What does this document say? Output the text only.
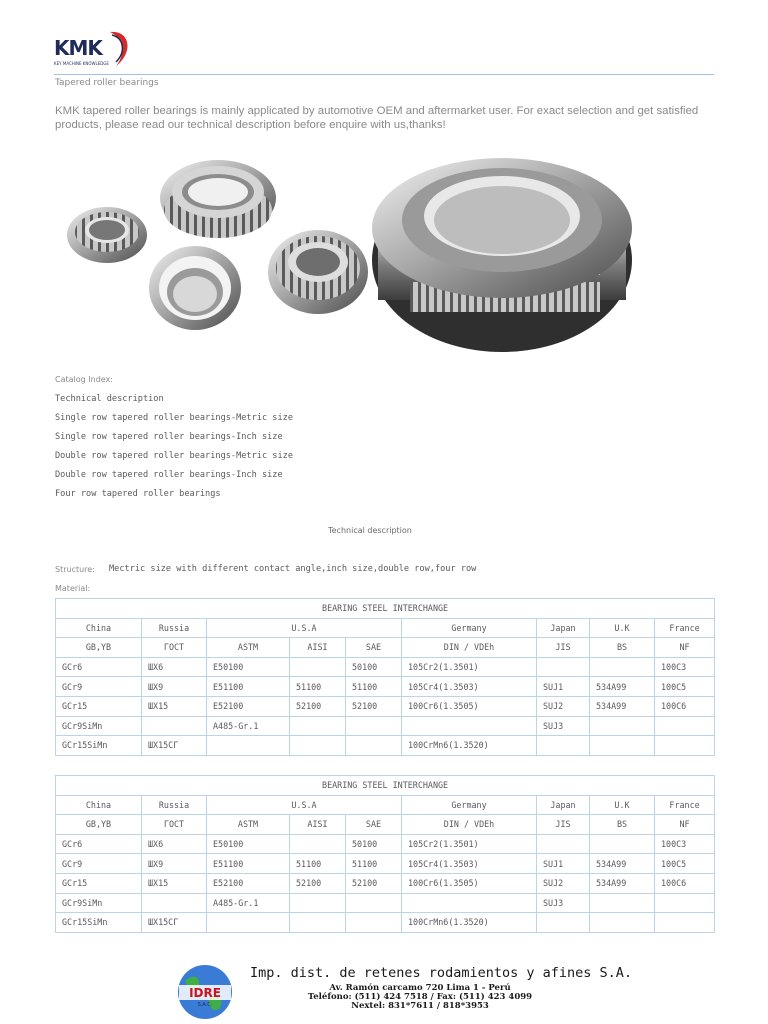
KMK
KEY MACHINE KNOWLEDGE
Tapered roller bearings

KMK tapered roller bearings is mainly applicated by automotive OEM and aftermarket user. For exact selection and get satisfied products, please read our technical description before enquire with us,thanks!

Catalog Index:
Technical description
Single row tapered roller bearings-Metric size
Single row tapered roller bearings-Inch size
Double row tapered roller bearings-Metric size
Double row tapered roller bearings-Inch size
Four row tapered roller bearings
Technical description
Structure: Mectric size with different contact angle,inch size,double row,four row
Material:
BEARING STEEL INTERCHANGE								
China	Russia	U.S.A			Germany	Japan	U.K	France
GB,YB	ГОСТ	ASTM	AISI	SAE	DIN / VDEh	JIS	BS	NF
GCr6	ШХ6	E50100		50100	105Cr2(1.3501)			100C3
GCr9	ШХ9	E51100	51100	51100	105Cr4(1.3503)	SUJ1	534A99	100C5
GCr15	ШХ15	E52100	52100	52100	100Cr6(1.3505)	SUJ2	534A99	100C6
GCr9SiMn		A485-Gr.1				SUJ3		
GCr15SiMn	ШХ15СГ				100CrMn6(1.3520)			
BEARING STEEL INTERCHANGE								
China	Russia	U.S.A			Germany	Japan	U.K	France
GB,YB	ГОСТ	ASTM	AISI	SAE	DIN / VDEh	JIS	BS	NF
GCr6	ШХ6	E50100		50100	105Cr2(1.3501)			100C3
GCr9	ШХ9	E51100	51100	51100	105Cr4(1.3503)	SUJ1	534A99	100C5
GCr15	ШХ15	E52100	52100	52100	100Cr6(1.3505)	SUJ2	534A99	100C6
GCr9SiMn		A485-Gr.1				SUJ3		
GCr15SiMn	ШХ15СГ				100CrMn6(1.3520)			
IDRE
S.A.C.
Imp. dist. de retenes rodamientos y afines S.A.
Av. Ramón carcamo 720 Lima 1 - Perú
Teléfono: (511) 424 7518 / Fax: (511) 423 4099
Nextel: 831*7611 / 818*3953
